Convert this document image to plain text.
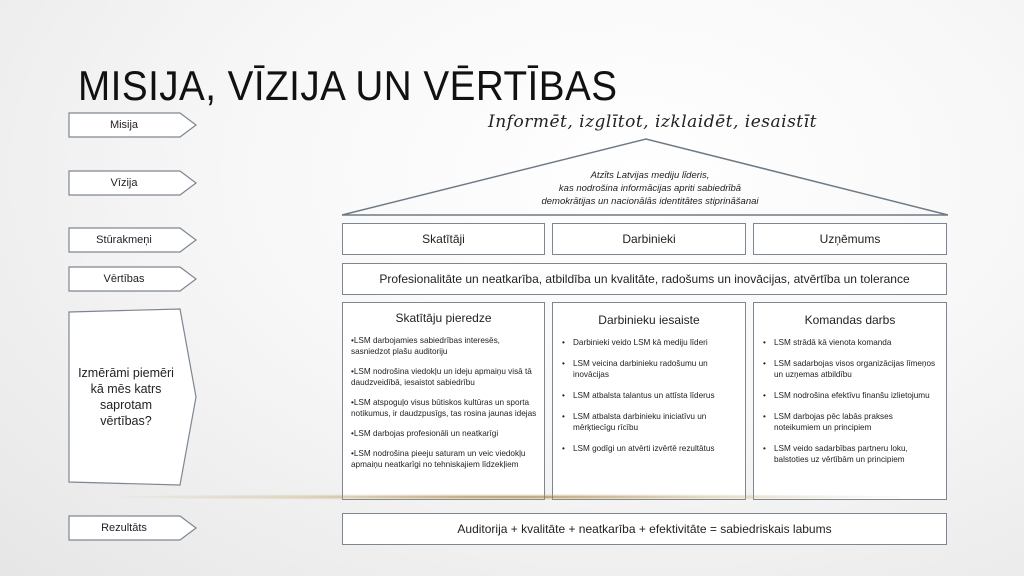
MISIJA, VĪZIJA UN VĒRTĪBAS
Informēt, izglītot, izklaidēt, iesaistīt
Misija
Vīzija
Stūrakmeņi
Vērtības
Izmērāmi piemēri kā mēs katrs saprotam vērtības?
Rezultāts
Atzīts Latvijas mediju līderis,
kas nodrošina informācijas apriti sabiedrībā
demokrātijas un nacionālās identitātes stiprināšanai
Skatītāji	Darbinieki	Uzņēmums
Profesionalitāte un neatkarība, atbildība un kvalitāte, radošums un inovācijas, atvērtība un tolerance
Skatītāju pieredze
•LSM darbojamies sabiedrības interesēs, sasniedzot plašu auditoriju
•LSM nodrošina viedokļu un ideju apmaiņu visā tā daudzveidībā, iesaistot sabiedrību
•LSM atspoguļo visus būtiskos kultūras un sporta notikumus, ir daudzpusīgs, tas rosina jaunas idejas
•LSM darbojas profesionāli un neatkarīgi
•LSM nodrošina pieeju saturam un veic viedokļu apmaiņu neatkarīgi no tehniskajiem līdzekļiem
Darbinieku iesaiste
• Darbinieki veido LSM kā mediju līderi
• LSM veicina darbinieku radošumu un inovācijas
• LSM atbalsta talantus un attīsta līderus
• LSM atbalsta darbinieku iniciatīvu un mērķtiecīgu rīcību
• LSM godīgi un atvērti izvērtē rezultātus
Komandas darbs
• LSM strādā kā vienota komanda
• LSM sadarbojas visos organizācijas līmeņos un uzņemas atbildību
• LSM nodrošina efektīvu finanšu izlietojumu
• LSM darbojas pēc labās prakses noteikumiem un principiem
• LSM veido sadarbības partneru loku, balstoties uz vērtībām un principiem
Auditorija + kvalitāte + neatkarība + efektivitāte = sabiedriskais labums
